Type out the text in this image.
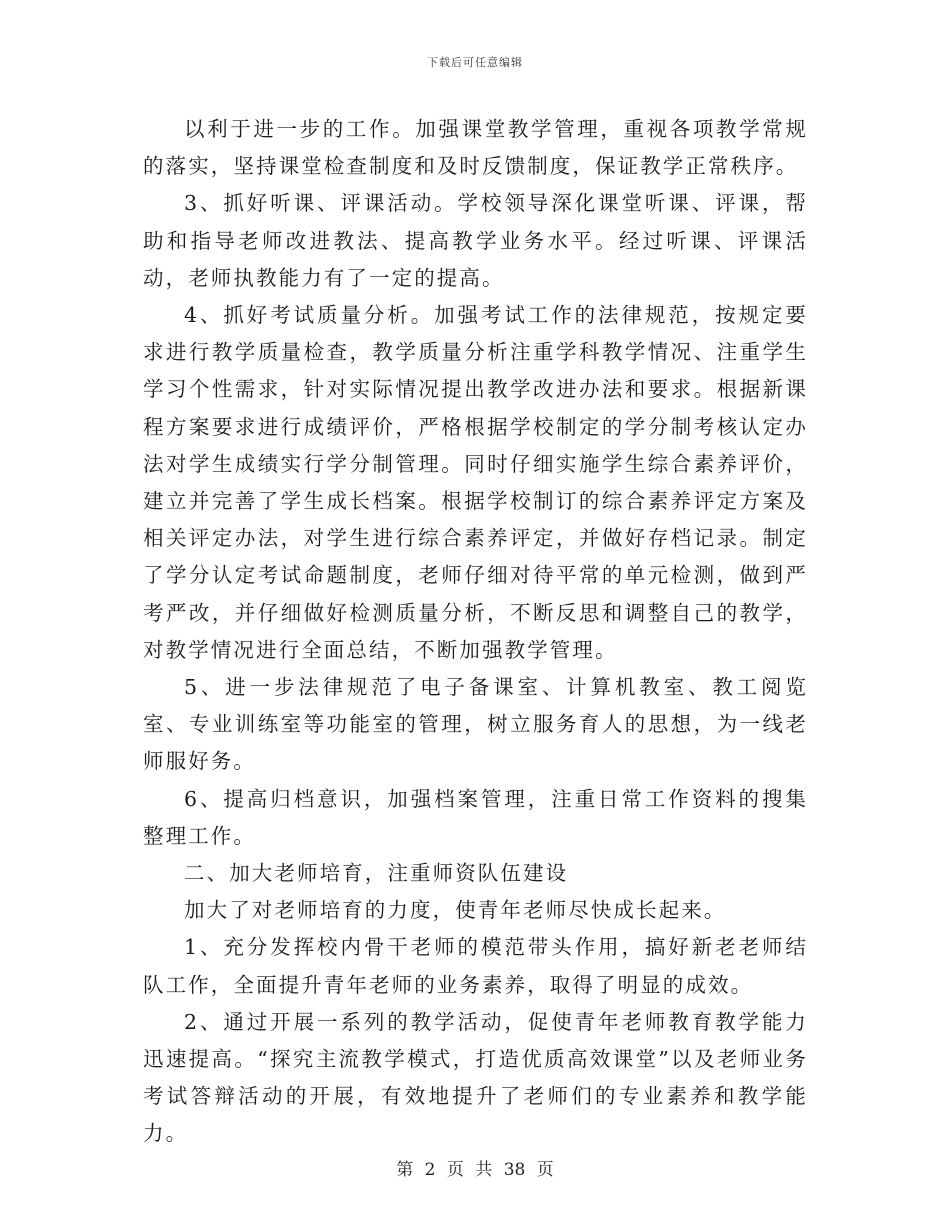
下载后可任意编辑

以利于进一步的工作。加强课堂教学管理，重视各项教学常规的落实，坚持课堂检查制度和及时反馈制度，保证教学正常秩序。

3、抓好听课、评课活动。学校领导深化课堂听课、评课，帮助和指导老师改进教法、提高教学业务水平。经过听课、评课活动，老师执教能力有了一定的提高。

4、抓好考试质量分析。加强考试工作的法律规范，按规定要求进行教学质量检查，教学质量分析注重学科教学情况、注重学生学习个性需求，针对实际情况提出教学改进办法和要求。根据新课程方案要求进行成绩评价，严格根据学校制定的学分制考核认定办法对学生成绩实行学分制管理。同时仔细实施学生综合素养评价，建立并完善了学生成长档案。根据学校制订的综合素养评定方案及相关评定办法，对学生进行综合素养评定，并做好存档记录。制定了学分认定考试命题制度，老师仔细对待平常的单元检测，做到严考严改，并仔细做好检测质量分析，不断反思和调整自己的教学，对教学情况进行全面总结，不断加强教学管理。

5、进一步法律规范了电子备课室、计算机教室、教工阅览室、专业训练室等功能室的管理，树立服务育人的思想，为一线老师服好务。

6、提高归档意识，加强档案管理，注重日常工作资料的搜集整理工作。

二、加大老师培育，注重师资队伍建设

加大了对老师培育的力度，使青年老师尽快成长起来。

1、充分发挥校内骨干老师的模范带头作用，搞好新老老师结队工作，全面提升青年老师的业务素养，取得了明显的成效。

2、通过开展一系列的教学活动，促使青年老师教育教学能力迅速提高。“探究主流教学模式，打造优质高效课堂”以及老师业务考试答辩活动的开展，有效地提升了老师们的专业素养和教学能力。

第 2 页 共 38 页
